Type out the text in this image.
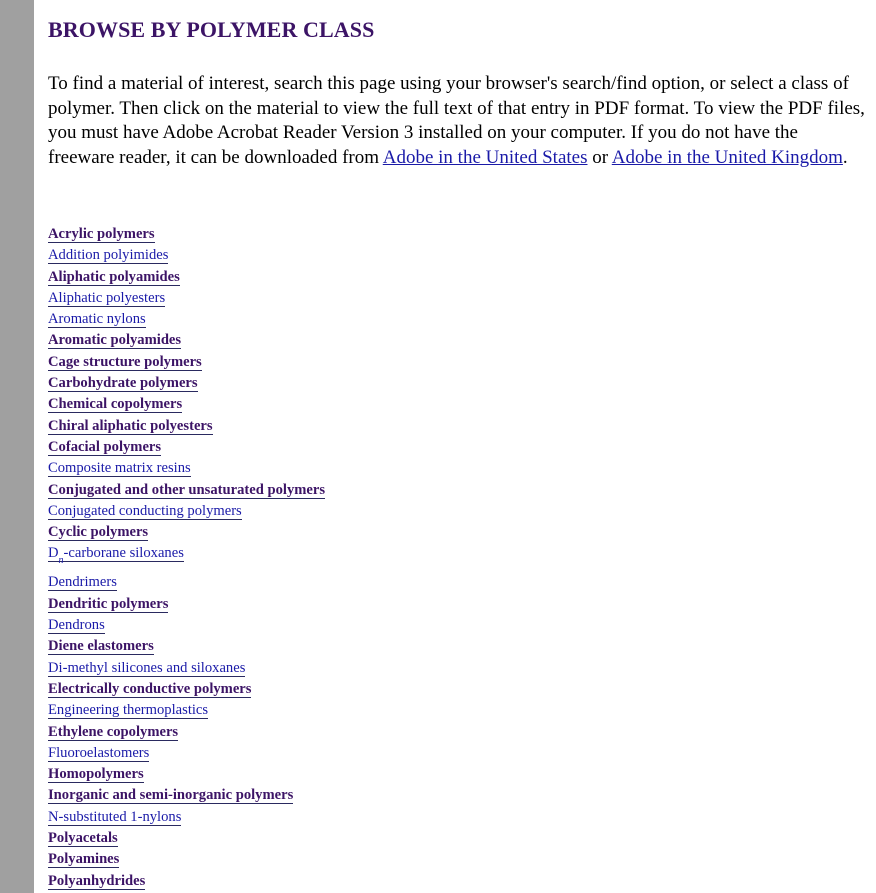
BROWSE BY POLYMER CLASS

To find a material of interest, search this page using your browser's search/find option, or select a class of polymer. Then click on the material to view the full text of that entry in PDF format. To view the PDF files, you must have Adobe Acrobat Reader Version 3 installed on your computer. If you do not have the freeware reader, it can be downloaded from Adobe in the United States or Adobe in the United Kingdom.

Acrylic polymers
Addition polyimides
Aliphatic polyamides
Aliphatic polyesters
Aromatic nylons
Aromatic polyamides
Cage structure polymers
Carbohydrate polymers
Chemical copolymers
Chiral aliphatic polyesters
Cofacial polymers
Composite matrix resins
Conjugated and other unsaturated polymers
Conjugated conducting polymers
Cyclic polymers
$D_n$-carborane siloxanes
Dendrimers
Dendritic polymers
Dendrons
Diene elastomers
Di-methyl silicones and siloxanes
Electrically conductive polymers
Engineering thermoplastics
Ethylene copolymers
Fluoroelastomers
Homopolymers
Inorganic and semi-inorganic polymers
N-substituted 1-nylons
Polyacetals
Polyamines
Polyanhydrides
